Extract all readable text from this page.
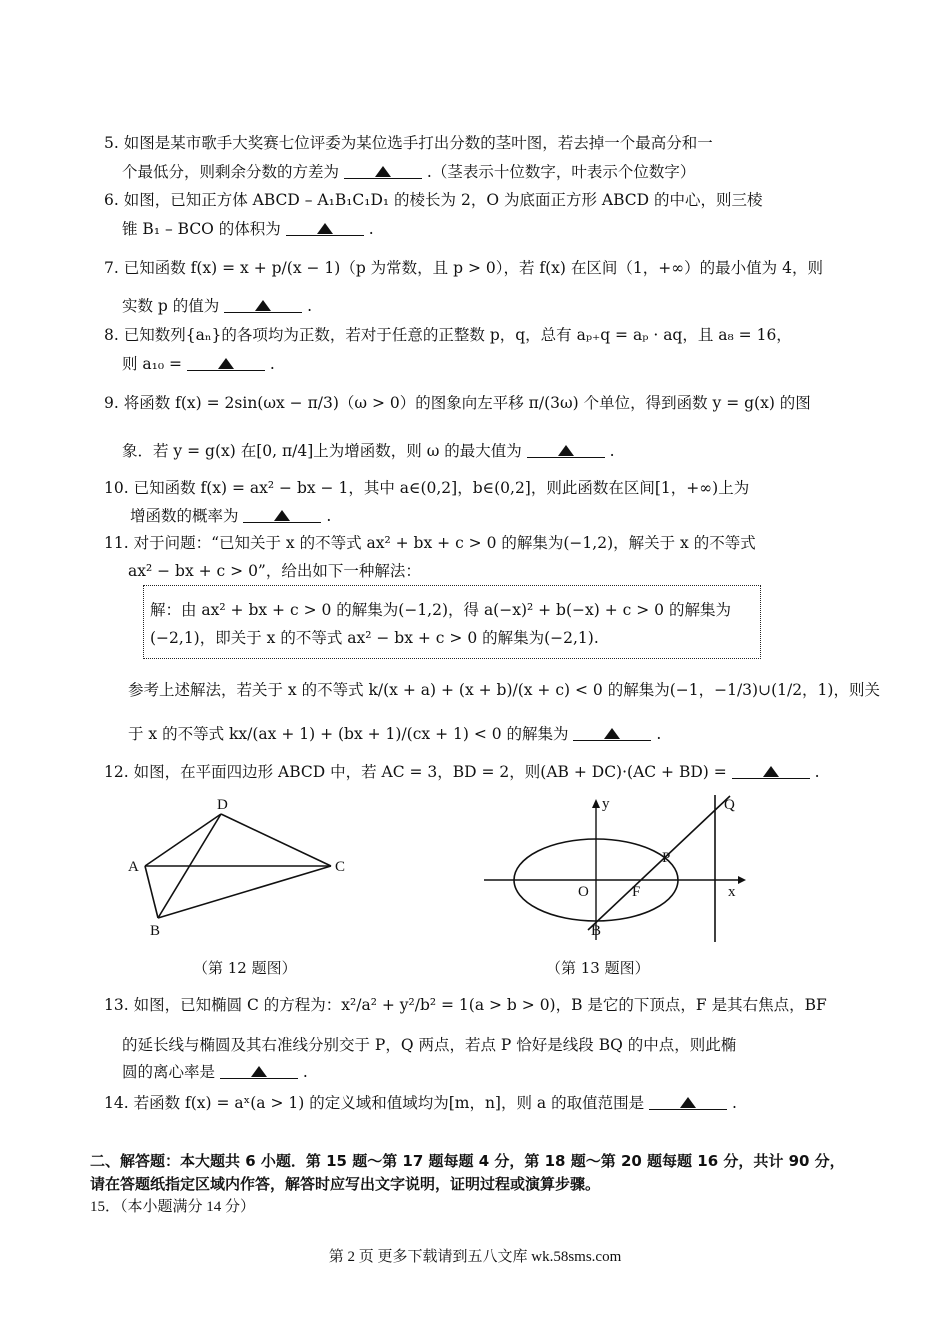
5. 如图是某市歌手大奖赛七位评委为某位选手打出分数的茎叶图，若去掉一个最高分和一
个最低分，则剩余分数的方差为	.（茎表示十位数字，叶表示个位数字）
6. 如图，已知正方体 ABCD – A₁B₁C₁D₁ 的棱长为 2，O 为底面正方形 ABCD 的中心，则三棱
锥 B₁ – BCO 的体积为	.
7. 已知函数 f(x) = x + p/(x − 1)（p 为常数，且 p > 0），若 f(x) 在区间（1，+∞）的最小值为 4，则
实数 p 的值为	.
8. 已知数列{aₙ}的各项均为正数，若对于任意的正整数 p，q，总有 aₚ₊q = aₚ · aq，且 a₈ = 16，
则 a₁₀ =	.
9. 将函数 f(x) = 2sin(ωx − π/3)（ω > 0）的图象向左平移 π/(3ω) 个单位，得到函数 y = g(x) 的图
象．若 y = g(x) 在[0, π/4]上为增函数，则 ω 的最大值为	.
10. 已知函数 f(x) = ax² − bx − 1，其中 a∈(0,2]，b∈(0,2]，则此函数在区间[1，+∞)上为
增函数的概率为	.
11. 对于问题：“已知关于 x 的不等式 ax² + bx + c > 0 的解集为(−1,2)，解关于 x 的不等式
ax² − bx + c > 0”，给出如下一种解法：
解：由 ax² + bx + c > 0 的解集为(−1,2)，得 a(−x)² + b(−x) + c > 0 的解集为
(−2,1)，即关于 x 的不等式 ax² − bx + c > 0 的解集为(−2,1).
参考上述解法，若关于 x 的不等式 k/(x + a) + (x + b)/(x + c) < 0 的解集为(−1，−1/3)∪(1/2，1)，则关
于 x 的不等式 kx/(ax + 1) + (bx + 1)/(cx + 1) < 0 的解集为	.
12. 如图，在平面四边形 ABCD 中，若 AC = 3，BD = 2，则(AB + DC)·(AC + BD) =	.
D
A	C
B
y
x
O	F
P
Q
B
（第 12 题图）	（第 13 题图）
13. 如图，已知椭圆 C 的方程为：x²/a² + y²/b² = 1(a > b > 0)，B 是它的下顶点，F 是其右焦点，BF
的延长线与椭圆及其右准线分别交于 P，Q 两点，若点 P 恰好是线段 BQ 的中点，则此椭
圆的离心率是	.
14. 若函数 f(x) = aˣ(a > 1) 的定义域和值域均为[m，n]，则 a 的取值范围是	.
二、解答题：本大题共 6 小题．第 15 题～第 17 题每题 4 分，第 18 题～第 20 题每题 16 分，共计 90 分，
请在答题纸指定区域内作答，解答时应写出文字说明，证明过程或演算步骤。
15．（本小题满分 14 分）
第 2 页 更多下载请到五八文库 wk.58sms.com
